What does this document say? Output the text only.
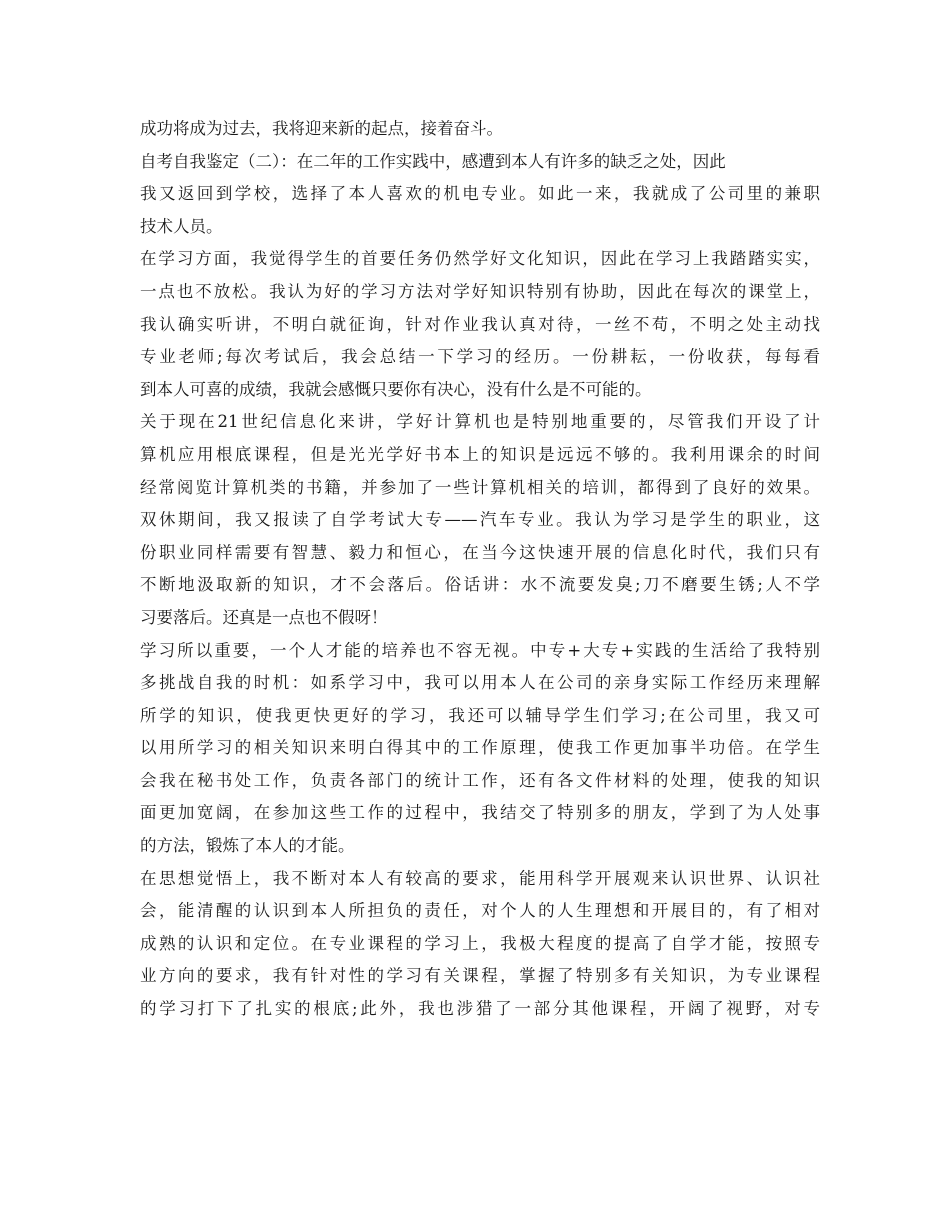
成功将成为过去，我将迎来新的起点，接着奋斗。
自考自我鉴定（二）：在二年的工作实践中，感遭到本人有许多的缺乏之处，因此
我又返回到学校，选择了本人喜欢的机电专业。如此一来，我就成了公司里的兼职
技术人员。
在学习方面，我觉得学生的首要任务仍然学好文化知识，因此在学习上我踏踏实实，
一点也不放松。我认为好的学习方法对学好知识特别有协助，因此在每次的课堂上，
我认确实听讲，不明白就征询，针对作业我认真对待，一丝不苟，不明之处主动找
专业老师;每次考试后，我会总结一下学习的经历。一份耕耘，一份收获，每每看
到本人可喜的成绩，我就会感慨只要你有决心，没有什么是不可能的。
关于现在21世纪信息化来讲，学好计算机也是特别地重要的，尽管我们开设了计
算机应用根底课程，但是光光学好书本上的知识是远远不够的。我利用课余的时间
经常阅览计算机类的书籍，并参加了一些计算机相关的培训，都得到了良好的效果。
双休期间，我又报读了自学考试大专——汽车专业。我认为学习是学生的职业，这
份职业同样需要有智慧、毅力和恒心，在当今这快速开展的信息化时代，我们只有
不断地汲取新的知识，才不会落后。俗话讲：水不流要发臭;刀不磨要生锈;人不学
习要落后。还真是一点也不假呀！
学习所以重要，一个人才能的培养也不容无视。中专+大专+实践的生活给了我特别
多挑战自我的时机：如系学习中，我可以用本人在公司的亲身实际工作经历来理解
所学的知识，使我更快更好的学习，我还可以辅导学生们学习;在公司里，我又可
以用所学习的相关知识来明白得其中的工作原理，使我工作更加事半功倍。在学生
会我在秘书处工作，负责各部门的统计工作，还有各文件材料的处理，使我的知识
面更加宽阔，在参加这些工作的过程中，我结交了特别多的朋友，学到了为人处事
的方法，锻炼了本人的才能。
在思想觉悟上，我不断对本人有较高的要求，能用科学开展观来认识世界、认识社
会，能清醒的认识到本人所担负的责任，对个人的人生理想和开展目的，有了相对
成熟的认识和定位。在专业课程的学习上，我极大程度的提高了自学才能，按照专
业方向的要求，我有针对性的学习有关课程，掌握了特别多有关知识，为专业课程
的学习打下了扎实的根底;此外，我也涉猎了一部分其他课程，开阔了视野，对专
